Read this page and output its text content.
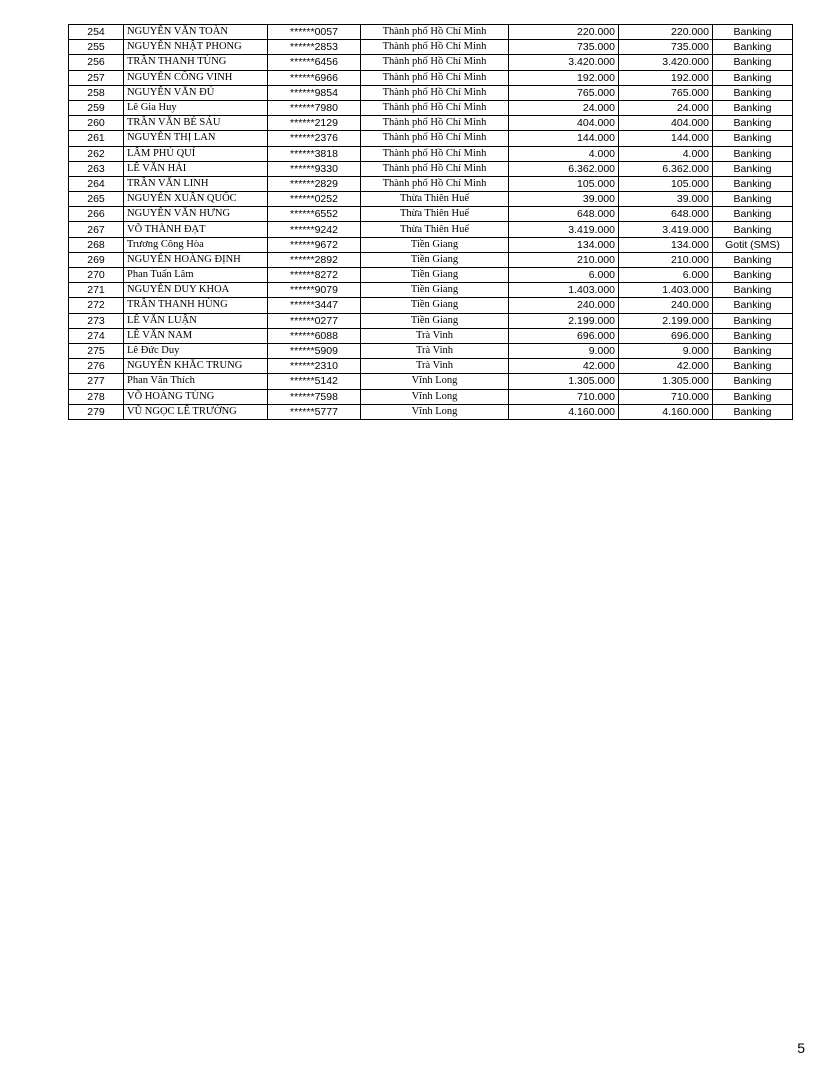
254	NGUYỄN VĂN TOÀN	******0057	Thành phố Hồ Chí Minh	220.000	220.000	Banking
255	NGUYỄN NHẬT PHONG	******2853	Thành phố Hồ Chí Minh	735.000	735.000	Banking
256	TRẦN THANH TÙNG	******6456	Thành phố Hồ Chí Minh	3.420.000	3.420.000	Banking
257	NGUYỄN CÔNG VINH	******6966	Thành phố Hồ Chí Minh	192.000	192.000	Banking
258	NGUYỄN VĂN ĐỦ	******9854	Thành phố Hồ Chí Minh	765.000	765.000	Banking
259	Lê Gia Huy	******7980	Thành phố Hồ Chí Minh	24.000	24.000	Banking
260	TRẦN VĂN BÉ SÁU	******2129	Thành phố Hồ Chí Minh	404.000	404.000	Banking
261	NGUYỄN THỊ LAN	******2376	Thành phố Hồ Chí Minh	144.000	144.000	Banking
262	LÂM PHÚ QUÍ	******3818	Thành phố Hồ Chí Minh	4.000	4.000	Banking
263	LÊ VĂN HẢI	******9330	Thành phố Hồ Chí Minh	6.362.000	6.362.000	Banking
264	TRẦN VĂN LINH	******2829	Thành phố Hồ Chí Minh	105.000	105.000	Banking
265	NGUYỄN XUÂN QUỐC	******0252	Thừa Thiên Huế	39.000	39.000	Banking
266	NGUYỄN VĂN HƯNG	******6552	Thừa Thiên Huế	648.000	648.000	Banking
267	VÕ THÀNH ĐẠT	******9242	Thừa Thiên Huế	3.419.000	3.419.000	Banking
268	Trương Công Hòa	******9672	Tiền Giang	134.000	134.000	Gotit (SMS)
269	NGUYỄN HOÀNG ĐỊNH	******2892	Tiền Giang	210.000	210.000	Banking
270	Phan Tuấn Lâm	******8272	Tiền Giang	6.000	6.000	Banking
271	NGUYỄN DUY KHOA	******9079	Tiền Giang	1.403.000	1.403.000	Banking
272	TRẦN THANH HÙNG	******3447	Tiền Giang	240.000	240.000	Banking
273	LÊ VĂN LUẬN	******0277	Tiền Giang	2.199.000	2.199.000	Banking
274	LÊ VĂN NAM	******6088	Trà Vinh	696.000	696.000	Banking
275	Lê Đức Duy	******5909	Trà Vinh	9.000	9.000	Banking
276	NGUYỄN KHẮC TRUNG	******2310	Trà Vinh	42.000	42.000	Banking
277	Phan Văn Thích	******5142	Vĩnh Long	1.305.000	1.305.000	Banking
278	VÕ HOÀNG TÙNG	******7598	Vĩnh Long	710.000	710.000	Banking
279	VŨ NGỌC LÊ TRƯỜNG	******5777	Vĩnh Long	4.160.000	4.160.000	Banking
5
